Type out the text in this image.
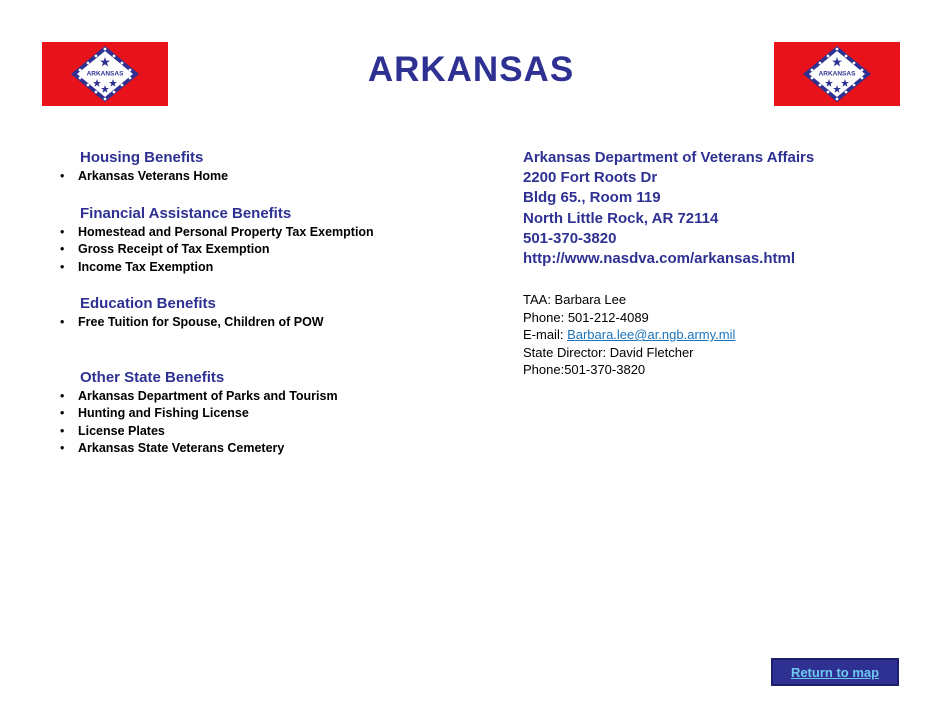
ARKANSAS	ARKANSAS
ARKANSAS
Housing Benefits
• Arkansas Veterans Home
Financial Assistance Benefits
• Homestead and Personal Property Tax Exemption
• Gross Receipt of Tax Exemption
• Income Tax Exemption
Education Benefits
• Free Tuition for Spouse, Children of POW
Other State Benefits
• Arkansas Department of Parks and Tourism
• Hunting and Fishing License
• License Plates
• Arkansas State Veterans Cemetery
Arkansas Department of Veterans Affairs
2200 Fort Roots Dr
Bldg 65., Room 119
North Little Rock, AR 72114
501-370-3820
http://www.nasdva.com/arkansas.html
TAA: Barbara Lee
Phone: 501-212-4089
E-mail: Barbara.lee@ar.ngb.army.mil
State Director: David Fletcher
Phone:501-370-3820
Return to map
